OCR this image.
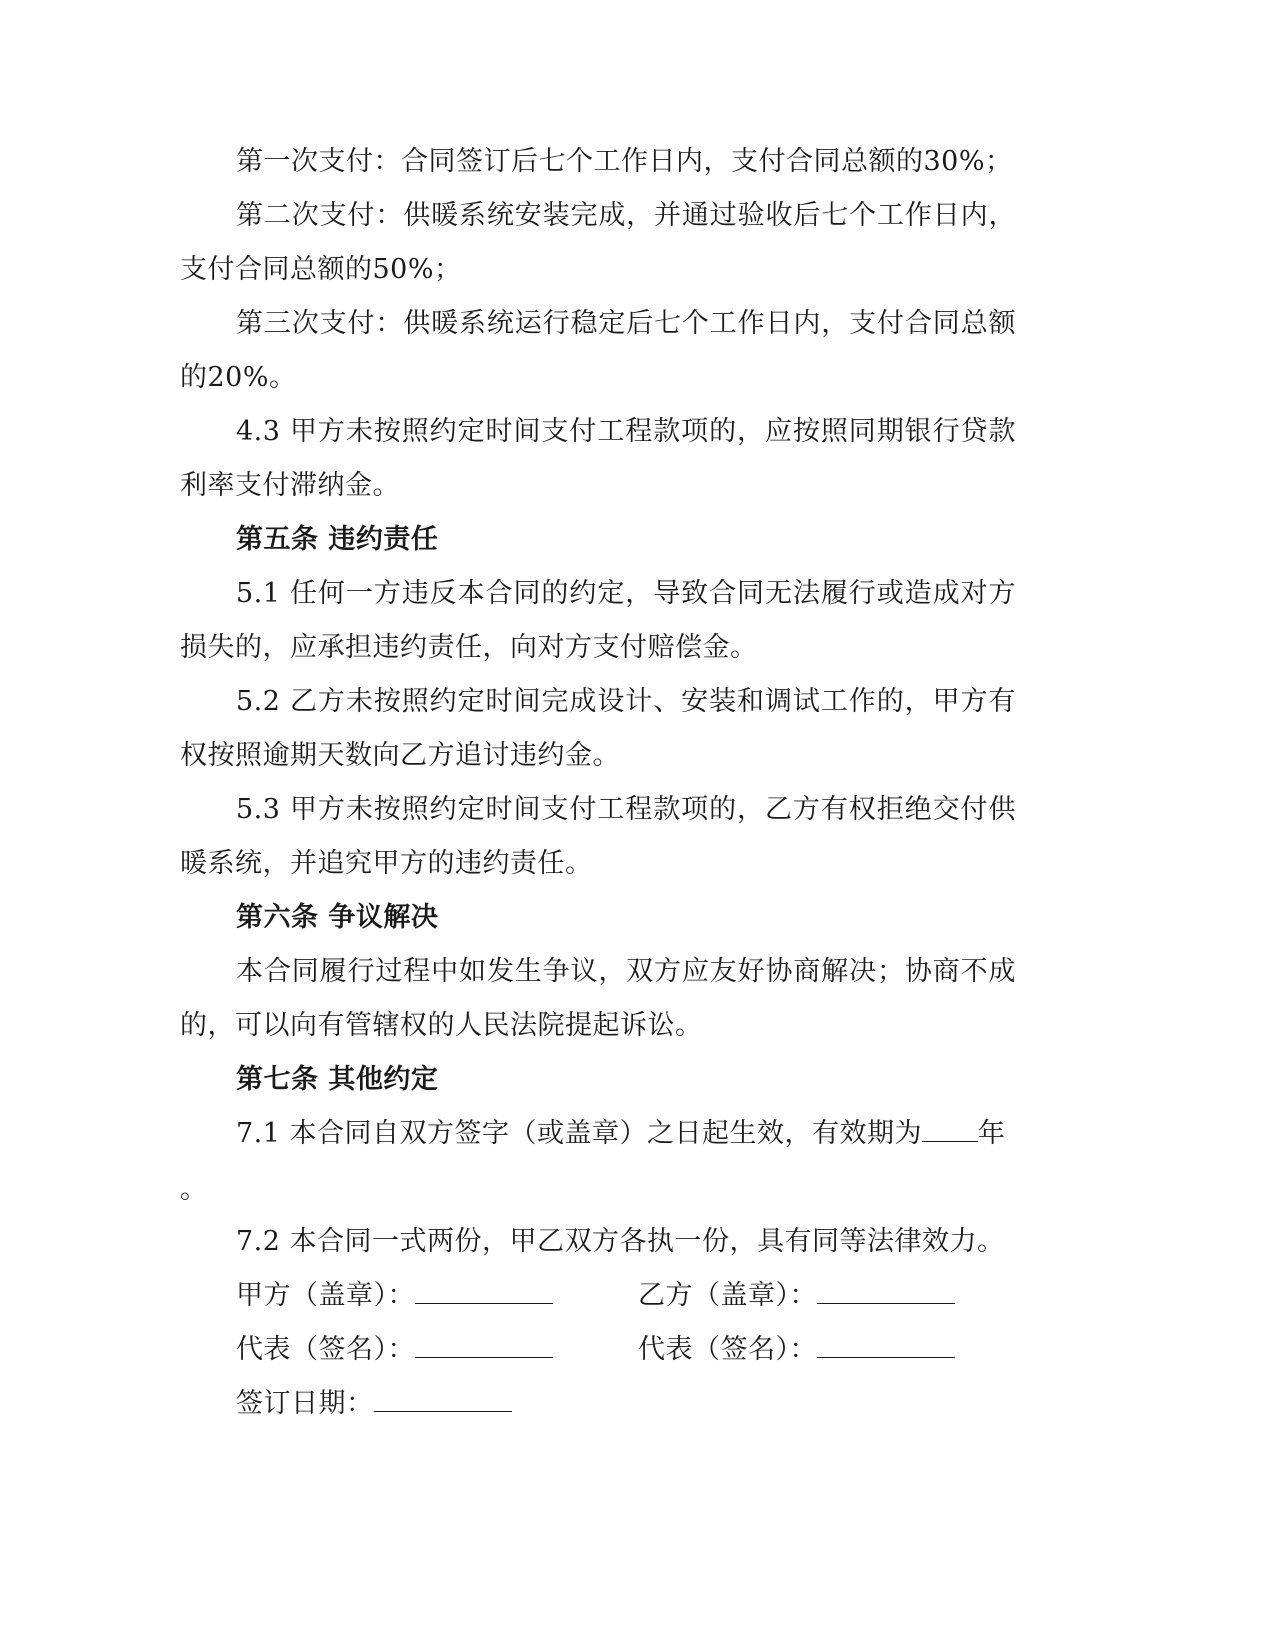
第一次支付：合同签订后七个工作日内，支付合同总额的30%；
第二次支付：供暖系统安装完成，并通过验收后七个工作日内，
支付合同总额的50%；
第三次支付：供暖系统运行稳定后七个工作日内，支付合同总额
的20%。
4.3 甲方未按照约定时间支付工程款项的，应按照同期银行贷款
利率支付滞纳金。
第五条 违约责任
5.1 任何一方违反本合同的约定，导致合同无法履行或造成对方
损失的，应承担违约责任，向对方支付赔偿金。
5.2 乙方未按照约定时间完成设计、安装和调试工作的，甲方有
权按照逾期天数向乙方追讨违约金。
5.3 甲方未按照约定时间支付工程款项的，乙方有权拒绝交付供
暖系统，并追究甲方的违约责任。
第六条 争议解决
本合同履行过程中如发生争议，双方应友好协商解决；协商不成
的，可以向有管辖权的人民法院提起诉讼。
第七条 其他约定
7.1 本合同自双方签字（或盖章）之日起生效，有效期为 年
。
7.2 本合同一式两份，甲乙双方各执一份，具有同等法律效力。
甲方（盖章）：	乙方（盖章）：
代表（签名）：	代表（签名）：
签订日期：
